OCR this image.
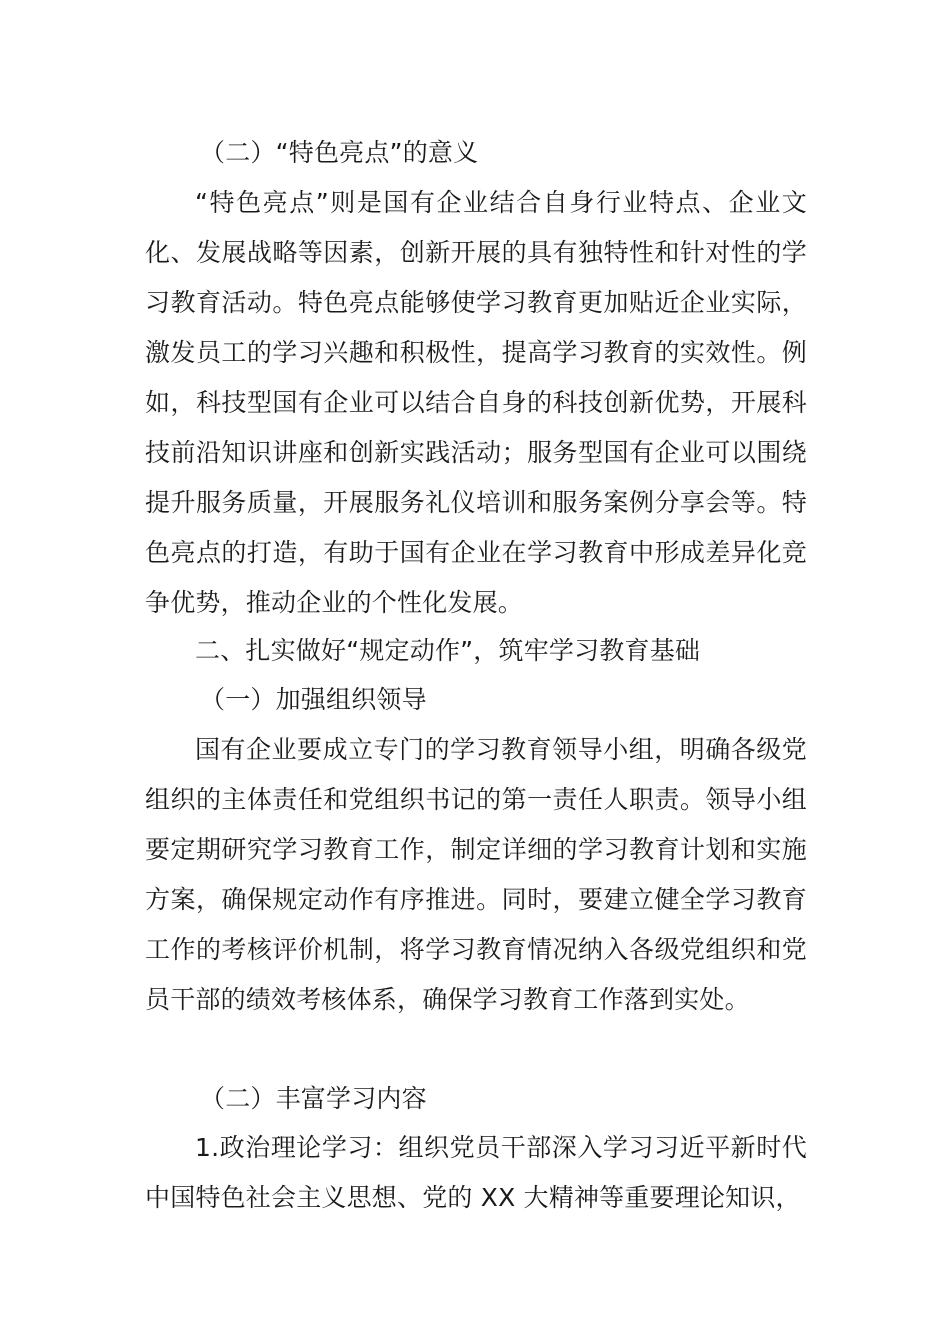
（二）“特色亮点”的意义

“特色亮点”则是国有企业结合自身行业特点、企业文化、发展战略等因素，创新开展的具有独特性和针对性的学习教育活动。特色亮点能够使学习教育更加贴近企业实际，激发员工的学习兴趣和积极性，提高学习教育的实效性。例如，科技型国有企业可以结合自身的科技创新优势，开展科技前沿知识讲座和创新实践活动；服务型国有企业可以围绕提升服务质量，开展服务礼仪培训和服务案例分享会等。特色亮点的打造，有助于国有企业在学习教育中形成差异化竞争优势，推动企业的个性化发展。

二、扎实做好“规定动作”，筑牢学习教育基础

（一）加强组织领导

国有企业要成立专门的学习教育领导小组，明确各级党组织的主体责任和党组织书记的第一责任人职责。领导小组要定期研究学习教育工作，制定详细的学习教育计划和实施方案，确保规定动作有序推进。同时，要建立健全学习教育工作的考核评价机制，将学习教育情况纳入各级党组织和党员干部的绩效考核体系，确保学习教育工作落到实处。

（二）丰富学习内容

1.政治理论学习：组织党员干部深入学习习近平新时代中国特色社会主义思想、党的 XX 大精神等重要理论知识，
